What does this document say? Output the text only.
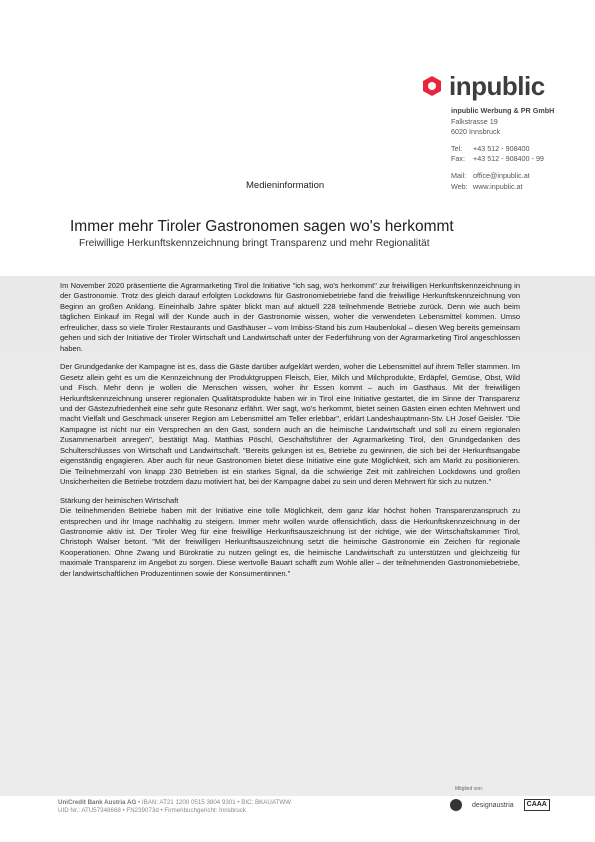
inpublic
inpublic Werbung & PR GmbH
Falkstrasse 19
6020 Innsbruck
Tel: +43 512 - 908400
Fax: +43 512 - 908400 - 99
Mail: office@inpublic.at
Web: www.inpublic.at
Medieninformation
Immer mehr Tiroler Gastronomen sagen wo's herkommt
Freiwillige Herkunftskennzeichnung bringt Transparenz und mehr Regionalität

Im November 2020 präsentierte die Agrarmarketing Tirol die Initiative "ich sag, wo's herkommt" zur freiwilligen Herkunftskennzeichnung in der Gastronomie. Trotz des gleich darauf erfolgten Lockdowns für Gastronomiebetriebe fand die freiwillige Herkunftskennzeichnung von Beginn an großen Anklang. Eineinhalb Jahre später blickt man auf aktuell 228 teilnehmende Betriebe zurück. Denn wie auch beim täglichen Einkauf im Regal will der Kunde auch in der Gastronomie wissen, woher die verwendeten Lebensmittel kommen. Umso erfreulicher, dass so viele Tiroler Restaurants und Gasthäuser – vom Imbiss-Stand bis zum Haubenlokal – diesen Weg bereits gemeinsam gehen und sich der Initiative der Tiroler Wirtschaft und Landwirtschaft unter der Federführung von der Agrarmarketing Tirol angeschlossen haben.

Der Grundgedanke der Kampagne ist es, dass die Gäste darüber aufgeklärt werden, woher die Lebensmittel auf ihrem Teller stammen. Im Gesetz allein geht es um die Kennzeichnung der Produktgruppen Fleisch, Eier, Milch und Milchprodukte, Erdäpfel, Gemüse, Obst, Wild und Fisch. Mehr denn je wollen die Menschen wissen, woher ihr Essen kommt – auch im Gasthaus. Mit der freiwilligen Herkunftskennzeichnung unserer regionalen Qualitätsprodukte haben wir in Tirol eine Initiative gestartet, die im Sinne der Transparenz und der Gästezufriedenheit eine sehr gute Resonanz erfährt. Wer sagt, wo's herkommt, bietet seinen Gästen einen echten Mehrwert und macht Vielfalt und Geschmack unserer Region am Lebensmittel am Teller erlebbar", erklärt Landeshauptmann-Stv. LH Josef Geisler. "Die Kampagne ist nicht nur ein Versprechen an den Gast, sondern auch an die heimische Landwirtschaft und soll zu einem regionalen Zusammenarbeit anregen", bestätigt Mag. Matthias Pöschl, Geschäftsführer der Agrarmarketing Tirol, den Grundgedanken des Schulterschlusses von Wirtschaft und Landwirtschaft. "Bereits gelungen ist es, Betriebe zu gewinnen, die sich bei der Herkunftsangabe eigenständig engagieren. Aber auch für neue Gastronomen bietet diese Initiative eine gute Möglichkeit, sich am Markt zu positionieren. Die Teilnehmerzahl von knapp 230 Betrieben ist ein starkes Signal, da die schwierige Zeit mit zahlreichen Lockdowns und großen Unsicherheiten die Betriebe trotzdem dazu motiviert hat, bei der Kampagne dabei zu sein und deren Mehrwert für sich zu nutzen."

Stärkung der heimischen Wirtschaft

Die teilnehmenden Betriebe haben mit der Initiative eine tolle Möglichkeit, dem ganz klar höchst hohen Transparenzanspruch zu entsprechen und ihr Image nachhaltig zu steigern. Immer mehr wollen wurde offensichtlich, dass die Herkunftskennzeichnung in der Gastronomie aktiv ist. Der Tiroler Weg für eine freiwillige Herkunftsauszeichnung ist der richtige, wie der Wirtschaftskammer Tirol, Christoph Walser betont. "Mit der freiwilligen Herkunftsauszeichnung setzt die heimische Gastronomie ein Zeichen für regionale Kooperationen. Ohne Zwang und Bürokratie zu nutzen gelingt es, die heimische Landwirtschaft zu unterstützen und gleichzeitig für maximale Transparenz im Angebot zu sorgen. Diese wertvolle Bauart schafft zum Wohle aller – der teilnehmenden Gastronomiebetriebe, der landwirtschaftlichen Produzentinnen sowie der Konsumentinnen."

UniCredit Bank Austria AG • IBAN: AT21 1200 0515 3804 9301 • BIC: BKAUATWW
UID Nr.: ATU57348668 • FN239073d • Firmenbuchgericht: Innsbruck
Mitglied von:
designaustria	CAAA
